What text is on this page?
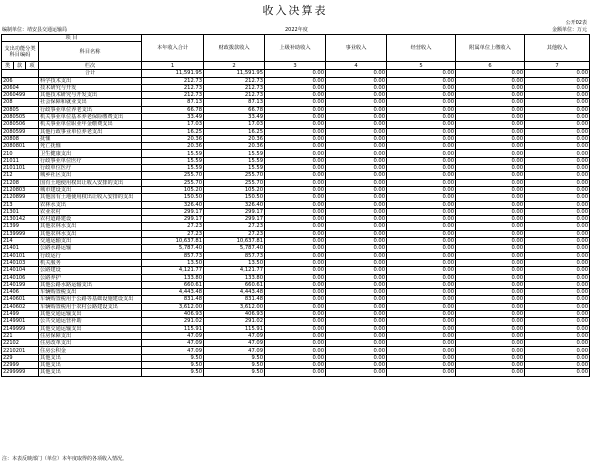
收入决算表
编制单位：靖安县交通运输局	2022年度
公开02表
金额单位：万元
项 目				本年收入合计	财政拨款收入	上级补助收入	事业收入	经营收入	附属单位上缴收入	其他收入
支出功能分类科目编码			科目名称							

类	款	项	栏次	1	2	3	4	5	6	7
			合计	11,591.95	11,591.95	0.00	0.00	0.00	0.00	0.00
206			科学技术支出	212.73	212.73	0.00	0.00	0.00	0.00	0.00
20604			技术研究与开发	212.73	212.73	0.00	0.00	0.00	0.00	0.00
2060499			其他技术研究与开发支出	212.73	212.73	0.00	0.00	0.00	0.00	0.00
208			社会保障和就业支出	87.13	87.13	0.00	0.00	0.00	0.00	0.00
20805			行政事业单位养老支出	66.78	66.78	0.00	0.00	0.00	0.00	0.00
2080505			机关事业单位基本养老保险缴费支出	33.49	33.49	0.00	0.00	0.00	0.00	0.00
2080506			机关事业单位职业年金缴费支出	17.03	17.03	0.00	0.00	0.00	0.00	0.00
2080599			其他行政事业单位养老支出	16.25	16.25	0.00	0.00	0.00	0.00	0.00
20808			抚恤	20.36	20.36	0.00	0.00	0.00	0.00	0.00
2080801			死亡抚恤	20.36	20.36	0.00	0.00	0.00	0.00	0.00
210			卫生健康支出	15.59	15.59	0.00	0.00	0.00	0.00	0.00
21011			行政事业单位医疗	15.59	15.59	0.00	0.00	0.00	0.00	0.00
2101101			行政单位医疗	15.59	15.59	0.00	0.00	0.00	0.00	0.00
212			城乡社区支出	255.70	255.70	0.00	0.00	0.00	0.00	0.00
21208			国有土地使用权出让收入安排的支出	255.70	255.70	0.00	0.00	0.00	0.00	0.00
2120803			城市建设支出	105.20	105.20	0.00	0.00	0.00	0.00	0.00
2120899			其他国有土地使用权出让收入安排的支出	150.50	150.50	0.00	0.00	0.00	0.00	0.00
213			农林水支出	326.40	326.40	0.00	0.00	0.00	0.00	0.00
21301			农业农村	299.17	299.17	0.00	0.00	0.00	0.00	0.00
2130142			农村道路建设	299.17	299.17	0.00	0.00	0.00	0.00	0.00
21399			其他农林水支出	27.23	27.23	0.00	0.00	0.00	0.00	0.00
2139999			其他农林水支出	27.23	27.23	0.00	0.00	0.00	0.00	0.00
214			交通运输支出	10,637.81	10,637.81	0.00	0.00	0.00	0.00	0.00
21401			公路水路运输	5,787.40	5,787.40	0.00	0.00	0.00	0.00	0.00
2140101			行政运行	857.73	857.73	0.00	0.00	0.00	0.00	0.00
2140103			机关服务	13.50	13.50	0.00	0.00	0.00	0.00	0.00
2140104			公路建设	4,121.77	4,121.77	0.00	0.00	0.00	0.00	0.00
2140106			公路养护	133.80	133.80	0.00	0.00	0.00	0.00	0.00
2140199			其他公路水路运输支出	660.61	660.61	0.00	0.00	0.00	0.00	0.00
21406			车辆购置税支出	4,443.48	4,443.48	0.00	0.00	0.00	0.00	0.00
2140601			车辆购置税用于公路等基础设施建设支出	831.48	831.48	0.00	0.00	0.00	0.00	0.00
2140602			车辆购置税用于农村公路建设支出	3,612.00	3,612.00	0.00	0.00	0.00	0.00	0.00
21499			其他交通运输支出	406.93	406.93	0.00	0.00	0.00	0.00	0.00
2149901			公共交通运营补助	291.02	291.02	0.00	0.00	0.00	0.00	0.00
2149999			其他交通运输支出	115.91	115.91	0.00	0.00	0.00	0.00	0.00
221			住房保障支出	47.09	47.09	0.00	0.00	0.00	0.00	0.00
22102			住房改革支出	47.09	47.09	0.00	0.00	0.00	0.00	0.00
2210201			住房公积金	47.09	47.09	0.00	0.00	0.00	0.00	0.00
229			其他支出	9.50	9.50	0.00	0.00	0.00	0.00	0.00
22999			其他支出	9.50	9.50	0.00	0.00	0.00	0.00	0.00
2299999			其他支出	9.50	9.50	0.00	0.00	0.00	0.00	0.00
注：本表反映部门（单位）本年度取得的各项收入情况。
